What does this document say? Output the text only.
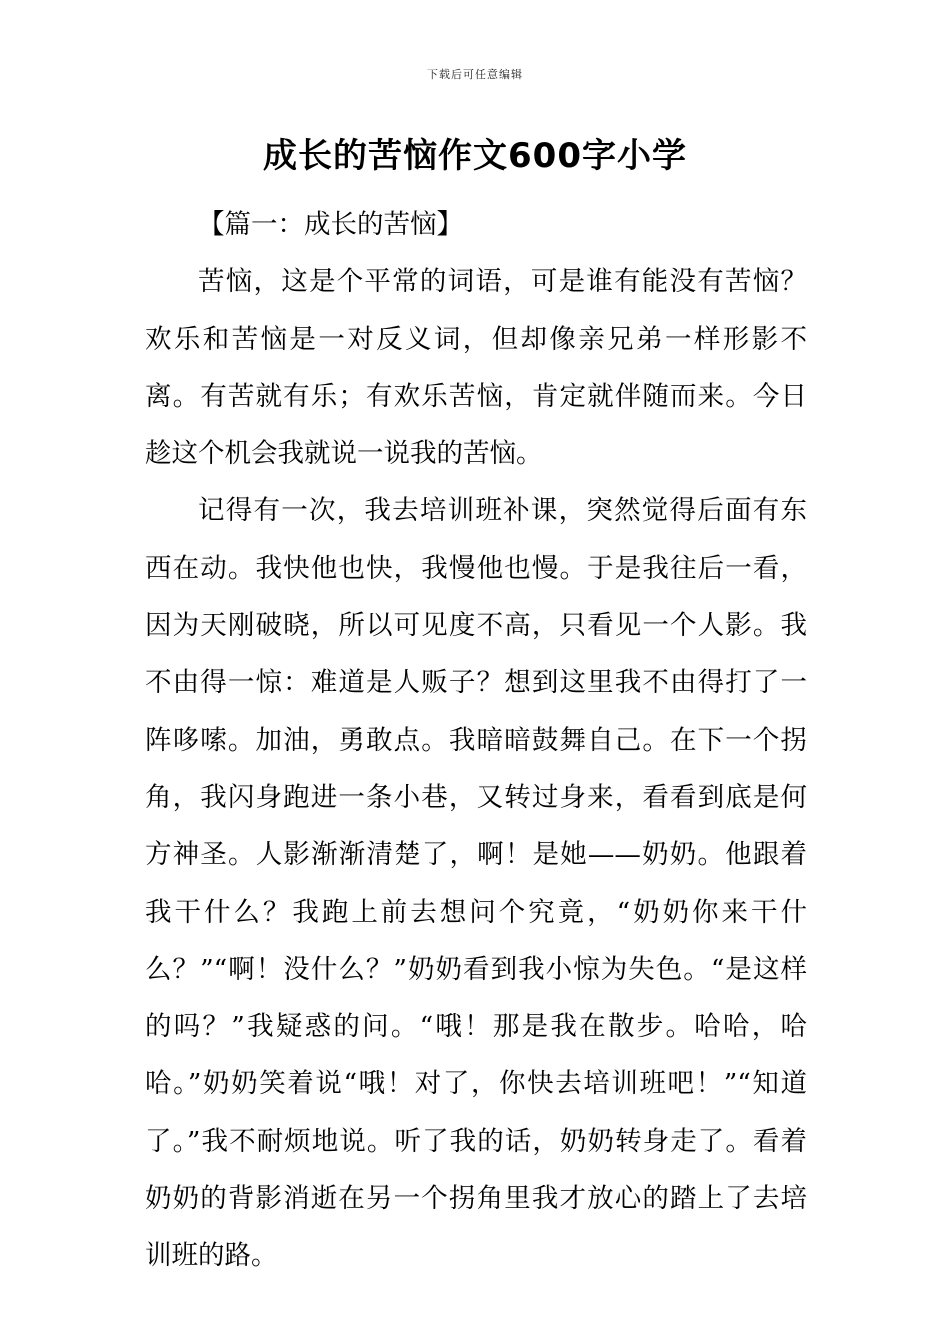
下载后可任意编辑
成长的苦恼作文600字小学

【篇一：成长的苦恼】

苦恼，这是个平常的词语，可是谁有能没有苦恼？欢乐和苦恼是一对反义词，但却像亲兄弟一样形影不离。有苦就有乐；有欢乐苦恼，肯定就伴随而来。今日趁这个机会我就说一说我的苦恼。

记得有一次，我去培训班补课，突然觉得后面有东西在动。我快他也快，我慢他也慢。于是我往后一看，因为天刚破晓，所以可见度不高，只看见一个人影。我不由得一惊：难道是人贩子？想到这里我不由得打了一阵哆嗦。加油，勇敢点。我暗暗鼓舞自己。在下一个拐角，我闪身跑进一条小巷，又转过身来，看看到底是何方神圣。人影渐渐清楚了，啊！是她——奶奶。他跟着我干什么？我跑上前去想问个究竟，“奶奶你来干什么？”“啊！没什么？”奶奶看到我小惊为失色。“是这样的吗？”我疑惑的问。“哦！那是我在散步。哈哈，哈哈。”奶奶笑着说“哦！对了，你快去培训班吧！”“知道了。”我不耐烦地说。听了我的话，奶奶转身走了。看着奶奶的背影消逝在另一个拐角里我才放心的踏上了去培训班的路。
